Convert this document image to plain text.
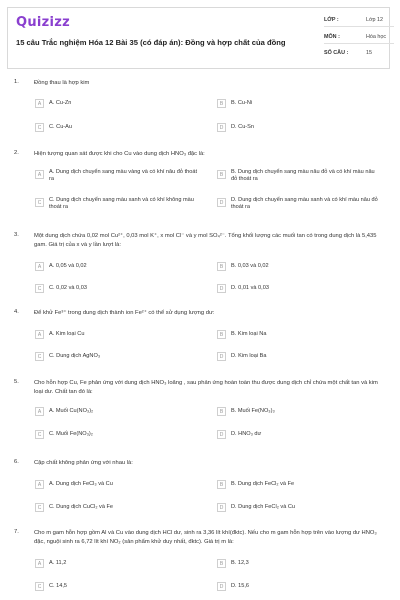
Quizizz
15 câu Trắc nghiệm Hóa 12 Bài 35 (có đáp án): Đồng và hợp chất của đồng
LỚP :	Lớp 12
MÔN :	Hóa học
SỐ CÂU :	15
1.	Đồng thau là hợp kim
A	A. Cu-Zn	B	B. Cu-Ni
C	C. Cu-Au	D	D. Cu-Sn
2.	Hiện tượng quan sát được khi cho Cu vào dung dịch HNO₃ đặc là:
A	A. Dung dịch chuyển sang màu vàng và có khí nâu đỏ thoát ra
B	B. Dung dịch chuyển sang màu nâu đỏ và có khí màu nâu đỏ thoát ra
C	C. Dung dịch chuyển sang màu xanh và có khí không màu thoát ra
D	D. Dung dịch chuyển sang màu xanh và có khí màu nâu đỏ thoát ra
3.	Một dung dịch chứa 0,02 mol Cu²⁺, 0,03 mol K⁺, x mol Cl⁻ và y mol SO₄²⁻. Tổng khối lượng các muối tan có trong dung dịch là 5,435 gam. Giá trị của x và y lần lượt là:
A	A. 0,05 và 0,02	B	B. 0,03 và 0,02
C	C. 0,02 và 0,03	D	D. 0,01 và 0,03
4.	Để khử Fe³⁺ trong dung dịch thành ion Fe²⁺ có thể sử dụng lượng dư:
A	A. Kim loại Cu	B	B. Kim loại Na
C	C. Dung dịch AgNO₃	D	D. Kim loại Ba
5.	Cho hỗn hợp Cu, Fe phản ứng với dung dịch HNO₃ loãng , sau phản ứng hoàn toàn thu được dung dịch chỉ chứa một chất tan và kim loại dư. Chất tan đó là:
A	A. Muối Cu(NO₃)₂	B	B. Muối Fe(NO₃)₃
C	C. Muối Fe(NO₃)₂	D	D. HNO₃ dư
6.	Cặp chất không phản ứng với nhau là:
A	A. Dung dịch FeCl₃ và Cu	B	B. Dung dịch FeCl₂ và Fe
C	C. Dung dịch CuCl₂ và Fe	D	D. Dung dịch FeCl₂ và Cu
7.	Cho m gam hỗn hợp gồm Al và Cu vào dung dịch HCl dư, sinh ra 3,36 lít khí(đktc). Nếu cho m gam hỗn hợp trên vào lượng dư HNO₃ đặc, nguội sinh ra 6,72 lít khí NO₂ (sản phẩm khử duy nhất, đktc). Giá trị m là:
A	A. 11,2	B	B. 12,3
C	C. 14,5	D	D. 15,6
